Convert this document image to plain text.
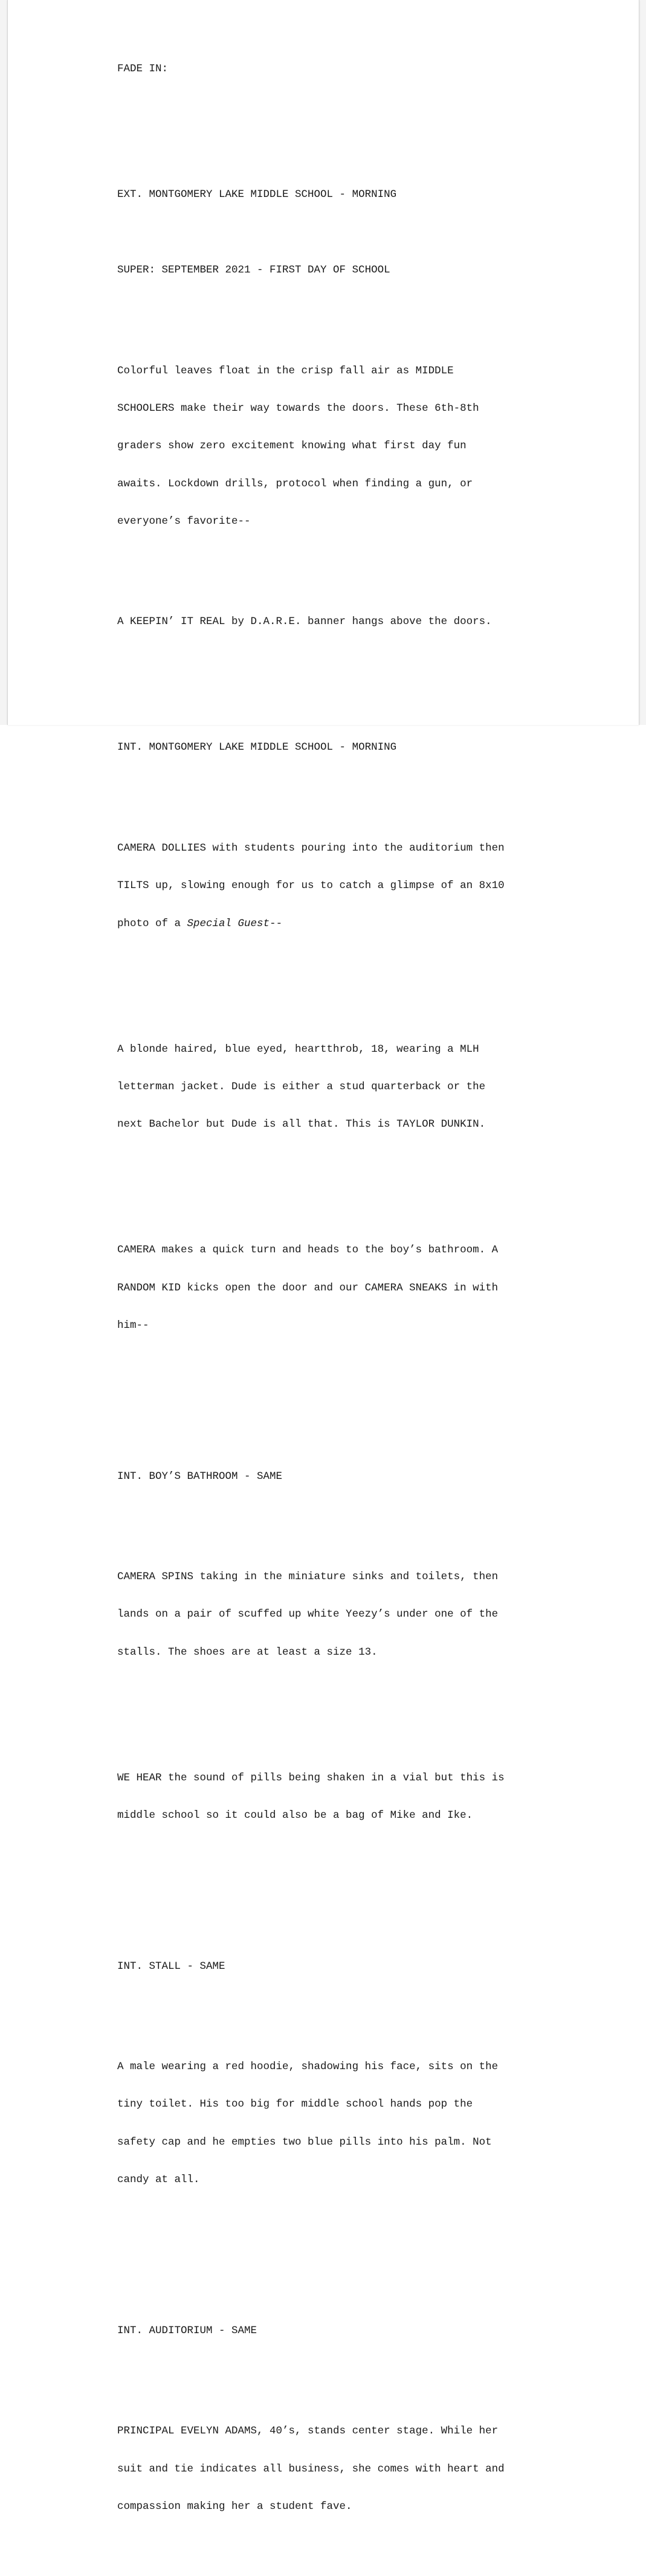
FADE IN:

EXT. MONTGOMERY LAKE MIDDLE SCHOOL - MORNING

SUPER: SEPTEMBER 2021 - FIRST DAY OF SCHOOL

Colorful leaves float in the crisp fall air as MIDDLE

SCHOOLERS make their way towards the doors. These 6th-8th

graders show zero excitement knowing what first day fun

awaits. Lockdown drills, protocol when finding a gun, or

everyone’s favorite--

A KEEPIN’ IT REAL by D.A.R.E. banner hangs above the doors.

INT. MONTGOMERY LAKE MIDDLE SCHOOL - MORNING

CAMERA DOLLIES with students pouring into the auditorium then

TILTS up, slowing enough for us to catch a glimpse of an 8x10

photo of a Special Guest--

A blonde haired, blue eyed, heartthrob, 18, wearing a MLH

letterman jacket. Dude is either a stud quarterback or the

next Bachelor but Dude is all that. This is TAYLOR DUNKIN.

CAMERA makes a quick turn and heads to the boy’s bathroom. A

RANDOM KID kicks open the door and our CAMERA SNEAKS in with

him--

INT. BOY’S BATHROOM - SAME

CAMERA SPINS taking in the miniature sinks and toilets, then

lands on a pair of scuffed up white Yeezy’s under one of the

stalls. The shoes are at least a size 13.

WE HEAR the sound of pills being shaken in a vial but this is

middle school so it could also be a bag of Mike and Ike.

INT. STALL - SAME

A male wearing a red hoodie, shadowing his face, sits on the

tiny toilet. His too big for middle school hands pop the

safety cap and he empties two blue pills into his palm. Not

candy at all.

INT. AUDITORIUM - SAME

PRINCIPAL EVELYN ADAMS, 40’s, stands center stage. While her

suit and tie indicates all business, she comes with heart and

compassion making her a student fave.
